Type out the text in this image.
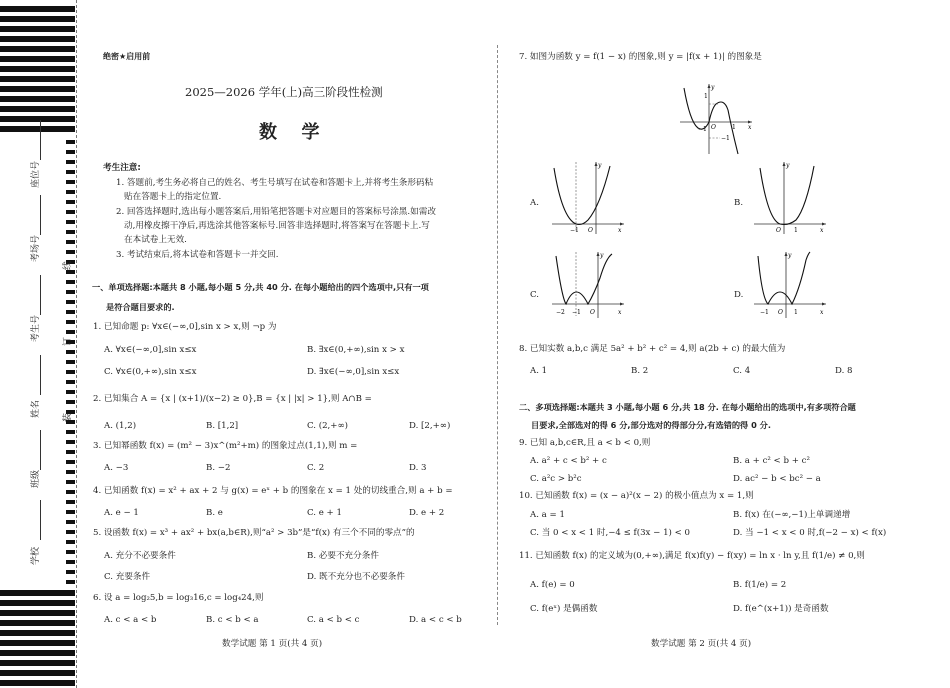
座位号
考场号
考生号
姓名
班级
学校
线
订
装
绝密★启用前
2025—2026 学年(上)高三阶段性检测
数  学
考生注意:
1. 答题前,考生务必将自己的姓名、考生号填写在试卷和答题卡上,并将考生条形码粘
贴在答题卡上的指定位置.
2. 回答选择题时,选出每小题答案后,用铅笔把答题卡对应题目的答案标号涂黑.如需改
动,用橡皮擦干净后,再选涂其他答案标号.回答非选择题时,将答案写在答题卡上.写
在本试卷上无效.
3. 考试结束后,将本试卷和答题卡一并交回.
一、单项选择题:本题共 8 小题,每小题 5 分,共 40 分. 在每小题给出的四个选项中,只有一项
是符合题目要求的.
1. 已知命题 p: ∀x∈(−∞,0],sin x > x,则 ¬p 为
A. ∀x∈(−∞,0],sin x≤x	B. ∃x∈(0,+∞),sin x > x
C. ∀x∈(0,+∞),sin x≤x	D. ∃x∈(−∞,0],sin x≤x
2. 已知集合 A = {x | (x+1)/(x−2) ≥ 0},B = {x | |x| > 1},则 A∩B =
A. (1,2)	B. [1,2]	C. (2,+∞)	D. [2,+∞)
3. 已知幂函数 f(x) = (m² − 3)x^(m²+m) 的图象过点(1,1),则 m =
A. −3	B. −2	C. 2	D. 3
4. 已知函数 f(x) = x² + ax + 2 与 g(x) = eˣ + b 的图象在 x = 1 处的切线重合,则 a + b =
A. e − 1	B. e	C. e + 1	D. e + 2
5. 设函数 f(x) = x³ + ax² + bx(a,b∈R),则“a² > 3b”是“f(x) 有三个不同的零点”的
A. 充分不必要条件	B. 必要不充分条件
C. 充要条件	D. 既不充分也不必要条件
6. 设 a = log₂5,b = log₃16,c = log₄24,则
A. c < a < b	B. c < b < a	C. a < b < c	D. a < c < b
数学试题 第 1 页(共 4 页)
7. 如图为函数 y = f(1 − x) 的图象,则 y = |f(x + 1)| 的图象是
1
−1
−1
O	1 x
y
A.
−1 O	x
y
B.
O 1	x
y
C.
−2 −1 O	x
y
D.
−1 O 1	x
y
8. 已知实数 a,b,c 满足 5a² + b² + c² = 4,则 a(2b + c) 的最大值为
A. 1	B. 2	C. 4	D. 8
二、多项选择题:本题共 3 小题,每小题 6 分,共 18 分. 在每小题给出的选项中,有多项符合题
目要求,全部选对的得 6 分,部分选对的得部分分,有选错的得 0 分.
9. 已知 a,b,c∈R,且 a < b < 0,则
A. a² + c < b² + c	B. a + c² < b + c²
C. a²c > b²c	D. ac² − b < bc² − a
10. 已知函数 f(x) = (x − a)²(x − 2) 的极小值点为 x = 1,则
A. a = 1	B. f(x) 在(−∞,−1)上单调递增
C. 当 0 < x < 1 时,−4 ≤ f(3x − 1) < 0	D. 当 −1 < x < 0 时,f(−2 − x) < f(x)
11. 已知函数 f(x) 的定义域为(0,+∞),满足 f(x)f(y) − f(xy) = ln x · ln y,且 f(1/e) ≠ 0,则
A. f(e) = 0	B. f(1/e) = 2
C. f(eˣ) 是偶函数	D. f(e^(x+1)) 是奇函数
数学试题 第 2 页(共 4 页)
